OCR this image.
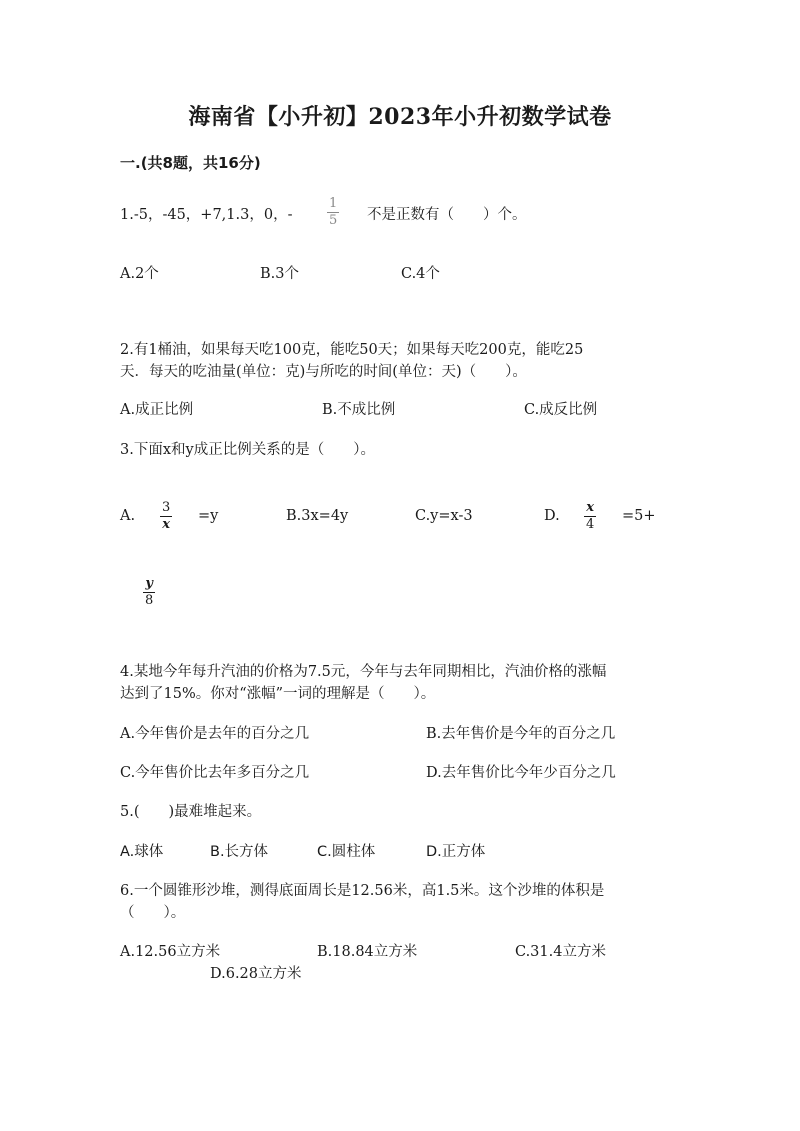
海南省【小升初】2023年小升初数学试卷
一.(共8题，共16分)
1.-5，-45，+7,1.3，0，-
1
5 不是正数有（　　）个。
A.2个	B.3个	C.4个
2.有1桶油，如果每天吃100克，能吃50天；如果每天吃200克，能吃25
天．每天的吃油量(单位：克)与所吃的时间(单位：天)（　　）。
A.成正比例	B.不成比例	C.成反比例
3.下面x和y成正比例关系的是（　　）。
A.
3
x
=y	B.3x=4y	C.y=x-3	D.
x
4
=5+
y
8
4.某地今年每升汽油的价格为7.5元，今年与去年同期相比，汽油价格的涨幅
达到了15%。你对“涨幅”一词的理解是（　　）。
A.今年售价是去年的百分之几	B.去年售价是今年的百分之几
C.今年售价比去年多百分之几	D.去年售价比今年少百分之几
5.(　　)最难堆起来。
A.球体	B.长方体	C.圆柱体	D.正方体
6.一个圆锥形沙堆，测得底面周长是12.56米，高1.5米。这个沙堆的体积是
（　　）。
A.12.56立方米	B.18.84立方米	C.31.4立方米
D.6.28立方米
